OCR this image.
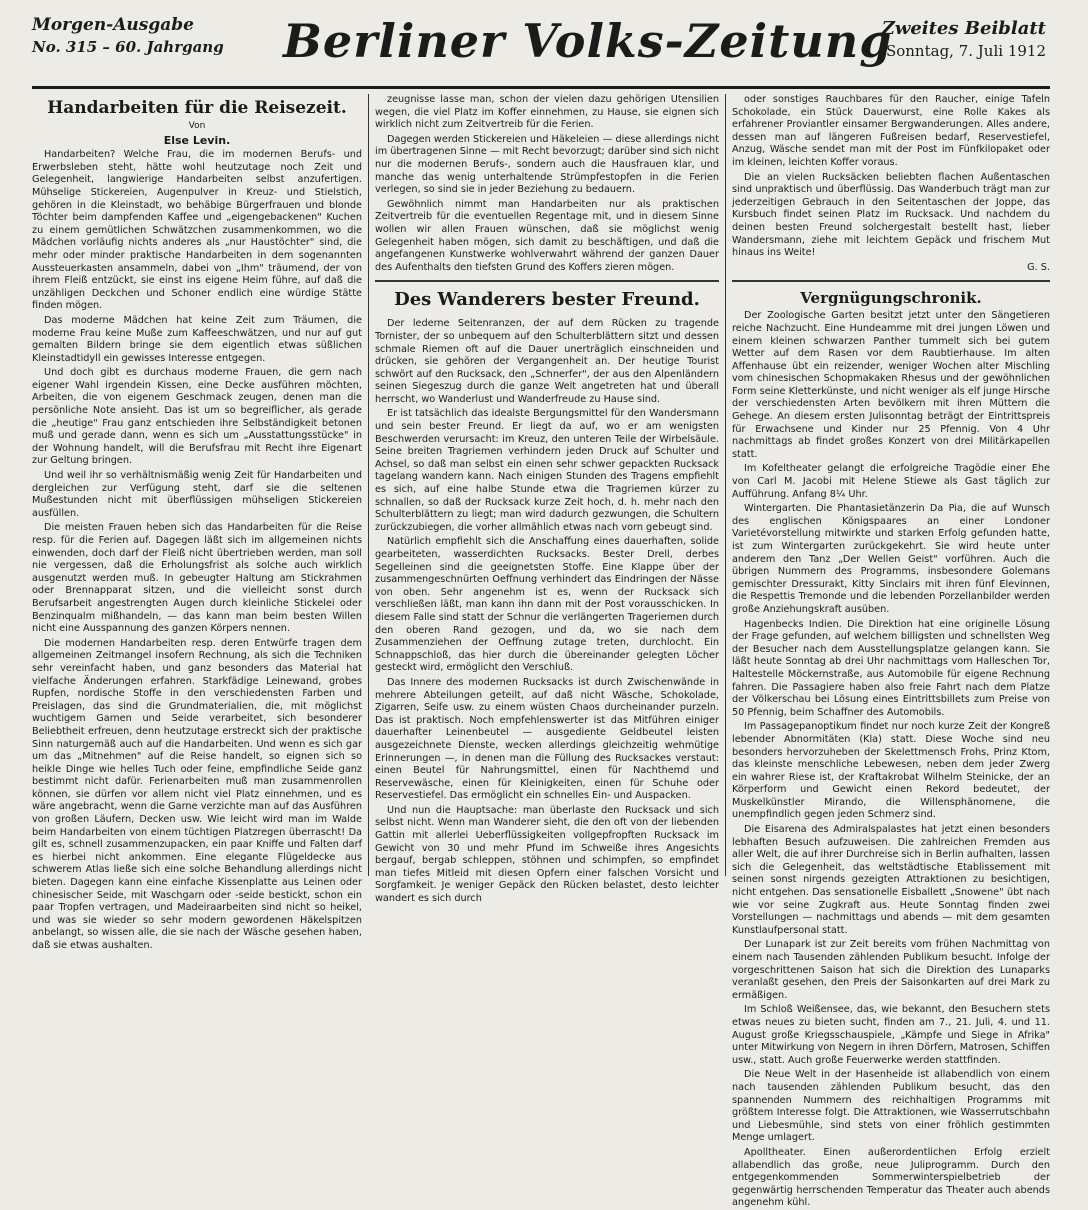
Morgen-Ausgabe
No. 315 – 60. Jahrgang Berliner Volks-Zeitung
Zweites Beiblatt
Sonntag, 7. Juli 1912
Handarbeiten für die Reisezeit.

Von

Else Levin.

Handarbeiten? Welche Frau, die im modernen Berufs- und Erwerbsleben steht, hätte wohl heutzutage noch Zeit und Gelegenheit, langwierige Handarbeiten selbst anzufertigen. Mühselige Stickereien, Augenpulver in Kreuz- und Stielstich, gehören in die Kleinstadt, wo behäbige Bürgerfrauen und blonde Töchter beim dampfenden Kaffee und „eigengebackenen" Kuchen zu einem gemütlichen Schwätzchen zusammenkommen, wo die Mädchen vorläufig nichts anderes als „nur Haustöchter" sind, die mehr oder minder praktische Handarbeiten in dem sogenannten Aussteuerkasten ansammeln, dabei von „Ihm" träumend, der von ihrem Fleiß entzückt, sie einst ins eigene Heim führe, auf daß die unzähligen Deckchen und Schoner endlich eine würdige Stätte finden mögen.

Das moderne Mädchen hat keine Zeit zum Träumen, die moderne Frau keine Muße zum Kaffeeschwätzen, und nur auf gut gemalten Bildern bringe sie dem eigentlich etwas süßlichen Kleinstadtidyll ein gewisses Interesse entgegen.

Und doch gibt es durchaus moderne Frauen, die gern nach eigener Wahl irgendein Kissen, eine Decke ausführen möchten, Arbeiten, die von eigenem Geschmack zeugen, denen man die persönliche Note ansieht. Das ist um so begreiflicher, als gerade die „heutige" Frau ganz entschieden ihre Selbständigkeit betonen muß und gerade dann, wenn es sich um „Ausstattungsstücke" in der Wohnung handelt, will die Berufsfrau mit Recht ihre Eigenart zur Geltung bringen.

Und weil ihr so verhältnismäßig wenig Zeit für Handarbeiten und dergleichen zur Verfügung steht, darf sie die seltenen Mußestunden nicht mit überflüssigen mühseligen Stickereien ausfüllen.

Die meisten Frauen heben sich das Handarbeiten für die Reise resp. für die Ferien auf. Dagegen läßt sich im allgemeinen nichts einwenden, doch darf der Fleiß nicht übertrieben werden, man soll nie vergessen, daß die Erholungsfrist als solche auch wirklich ausgenutzt werden muß. In gebeugter Haltung am Stickrahmen oder Brennapparat sitzen, und die vielleicht sonst durch Berufsarbeit angestrengten Augen durch kleinliche Stickelei oder Benzinqualm mißhandeln, — das kann man beim besten Willen nicht eine Ausspannung des ganzen Körpers nennen.

Die modernen Handarbeiten resp. deren Entwürfe tragen dem allgemeinen Zeitmangel insofern Rechnung, als sich die Techniken sehr vereinfacht haben, und ganz besonders das Material hat vielfache Änderungen erfahren. Starkfädige Leinewand, grobes Rupfen, nordische Stoffe in den verschiedensten Farben und Preislagen, das sind die Grundmaterialien, die, mit möglichst wuchtigem Garnen und Seide verarbeitet, sich besonderer Beliebtheit erfreuen, denn heutzutage erstreckt sich der praktische Sinn naturgemäß auch auf die Handarbeiten. Und wenn es sich gar um das „Mitnehmen" auf die Reise handelt, so eignen sich so heikle Dinge wie helles Tuch oder feine, empfindliche Seide ganz bestimmt nicht dafür. Ferienarbeiten muß man zusammenrollen können, sie dürfen vor allem nicht viel Platz einnehmen, und es wäre angebracht, wenn die Garne verzichte man auf das Ausführen von großen Läufern, Decken usw. Wie leicht wird man im Walde beim Handarbeiten von einem tüchtigen Platzregen überrascht! Da gilt es, schnell zusammenzupacken, ein paar Kniffe und Falten darf es hierbei nicht ankommen. Eine elegante Flügeldecke aus schwerem Atlas ließe sich eine solche Behandlung allerdings nicht bieten. Dagegen kann eine einfache Kissenplatte aus Leinen oder chinesischer Seide, mit Waschgarn oder -seide bestickt, schon ein paar Tropfen vertragen, und Madeiraarbeiten sind nicht so heikel, und was sie wieder so sehr modern gewordenen Häkelspitzen anbelangt, so wissen alle, die sie nach der Wäsche gesehen haben, daß sie etwas aushalten.

zeugnisse lasse man, schon der vielen dazu gehörigen Utensilien wegen, die viel Platz im Koffer einnehmen, zu Hause, sie eignen sich wirklich nicht zum Zeitvertreib für die Ferien.

Dagegen werden Stickereien und Häkeleien — diese allerdings nicht im übertragenen Sinne — mit Recht bevorzugt; darüber sind sich nicht nur die modernen Berufs-, sondern auch die Hausfrauen klar, und manche das wenig unterhaltende Strümpfestopfen in die Ferien verlegen, so sind sie in jeder Beziehung zu bedauern.

Gewöhnlich nimmt man Handarbeiten nur als praktischen Zeitvertreib für die eventuellen Regentage mit, und in diesem Sinne wollen wir allen Frauen wünschen, daß sie möglichst wenig Gelegenheit haben mögen, sich damit zu beschäftigen, und daß die angefangenen Kunstwerke wohlverwahrt während der ganzen Dauer des Aufenthalts den tiefsten Grund des Koffers zieren mögen.

Des Wanderers bester Freund.

Der lederne Seitenranzen, der auf dem Rücken zu tragende Tornister, der so unbequem auf den Schulterblättern sitzt und dessen schmale Riemen oft auf die Dauer unerträglich einschneiden und drücken, sie gehören der Vergangenheit an. Der heutige Tourist schwört auf den Rucksack, den „Schnerfer", der aus den Alpenländern seinen Siegeszug durch die ganze Welt angetreten hat und überall herrscht, wo Wanderlust und Wanderfreude zu Hause sind.

Er ist tatsächlich das idealste Bergungsmittel für den Wandersmann und sein bester Freund. Er liegt da auf, wo er am wenigsten Beschwerden verursacht: im Kreuz, den unteren Teile der Wirbelsäule. Seine breiten Tragriemen verhindern jeden Druck auf Schulter und Achsel, so daß man selbst ein einen sehr schwer gepackten Rucksack tagelang wandern kann. Nach einigen Stunden des Tragens empfiehlt es sich, auf eine halbe Stunde etwa die Tragriemen kürzer zu schnallen, so daß der Rucksack kurze Zeit hoch, d. h. mehr nach den Schulterblättern zu liegt; man wird dadurch gezwungen, die Schultern zurückzubiegen, die vorher allmählich etwas nach vorn gebeugt sind.

Natürlich empfiehlt sich die Anschaffung eines dauerhaften, solide gearbeiteten, wasserdichten Rucksacks. Bester Drell, derbes Segelleinen sind die geeignetsten Stoffe. Eine Klappe über der zusammengeschnürten Oeffnung verhindert das Eindringen der Nässe von oben. Sehr angenehm ist es, wenn der Rucksack sich verschließen läßt, man kann ihn dann mit der Post vorausschicken. In diesem Falle sind statt der Schnur die verlängerten Trageriemen durch den oberen Rand gezogen, und da, wo sie nach dem Zusammenziehen der Oeffnung zutage treten, durchlocht. Ein Schnappschloß, das hier durch die übereinander gelegten Löcher gesteckt wird, ermöglicht den Verschluß.

Das Innere des modernen Rucksacks ist durch Zwischenwände in mehrere Abteilungen geteilt, auf daß nicht Wäsche, Schokolade, Zigarren, Seife usw. zu einem wüsten Chaos durcheinander purzeln. Das ist praktisch. Noch empfehlenswerter ist das Mitführen einiger dauerhafter Leinenbeutel — ausgediente Geldbeutel leisten ausgezeichnete Dienste, wecken allerdings gleichzeitig wehmütige Erinnerungen —, in denen man die Füllung des Rucksackes verstaut: einen Beutel für Nahrungsmittel, einen für Nachthemd und Reservewäsche, einen für Kleinigkeiten, einen für Schuhe oder Reservestiefel. Das ermöglicht ein schnelles Ein- und Auspacken.

Und nun die Hauptsache: man überlaste den Rucksack und sich selbst nicht. Wenn man Wanderer sieht, die den oft von der liebenden Gattin mit allerlei Ueberflüssigkeiten vollgepfropften Rucksack im Gewicht von 30 und mehr Pfund im Schweiße ihres Angesichts bergauf, bergab schleppen, stöhnen und schimpfen, so empfindet man tiefes Mitleid mit diesen Opfern einer falschen Vorsicht und Sorgfamkeit. Je weniger Gepäck den Rücken belastet, desto leichter wandert es sich durch

oder sonstiges Rauchbares für den Raucher, einige Tafeln Schokolade, ein Stück Dauerwurst, eine Rolle Kakes als erfahrener Proviantler einsamer Bergwanderungen. Alles andere, dessen man auf längeren Fußreisen bedarf, Reservestiefel, Anzug, Wäsche sendet man mit der Post im Fünfkilopaket oder im kleinen, leichten Koffer voraus.

Die an vielen Rucksäcken beliebten flachen Außentaschen sind unpraktisch und überflüssig. Das Wanderbuch trägt man zur jederzeitigen Gebrauch in den Seitentaschen der Joppe, das Kursbuch findet seinen Platz im Rucksack. Und nachdem du deinen besten Freund solchergestalt bestellt hast, lieber Wandersmann, ziehe mit leichtem Gepäck und frischem Mut hinaus ins Weite!

G. S.

Vergnügungschronik.

Der Zoologische Garten besitzt jetzt unter den Sängetieren reiche Nachzucht. Eine Hundeamme mit drei jungen Löwen und einem kleinen schwarzen Panther tummelt sich bei gutem Wetter auf dem Rasen vor dem Raubtierhause. Im alten Affenhause übt ein reizender, weniger Wochen alter Mischling vom chinesischen Schopmakaken Rhesus und der gewöhnlichen Form seine Kletterkünste, und nicht weniger als elf junge Hirsche der verschiedensten Arten bevölkern mit ihren Müttern die Gehege. An diesem ersten Julisonntag beträgt der Eintrittspreis für Erwachsene und Kinder nur 25 Pfennig. Von 4 Uhr nachmittags ab findet großes Konzert von drei Militärkapellen statt.

Im Kofeltheater gelangt die erfolgreiche Tragödie einer Ehe von Carl M. Jacobi mit Helene Stiewe als Gast täglich zur Aufführung. Anfang 8¼ Uhr.

Wintergarten. Die Phantasietänzerin Da Pia, die auf Wunsch des englischen Königspaares an einer Londoner Varietévorstellung mitwirkte und starken Erfolg gefunden hatte, ist zum Wintergarten zurückgekehrt. Sie wird heute unter anderem den Tanz „Der Wellen Geist" vorführen. Auch die übrigen Nummern des Programms, insbesondere Golemans gemischter Dressurakt, Kitty Sinclairs mit ihren fünf Elevinnen, die Respettis Tremonde und die lebenden Porzellanbilder werden große Anziehungskraft ausüben.

Hagenbecks Indien. Die Direktion hat eine originelle Lösung der Frage gefunden, auf welchem billigsten und schnellsten Weg der Besucher nach dem Ausstellungsplatze gelangen kann. Sie läßt heute Sonntag ab drei Uhr nachmittags vom Halleschen Tor, Haltestelle Möckernstraße, aus Automobile für eigene Rechnung fahren. Die Passagiere haben also freie Fahrt nach dem Platze der Völkerschau bei Lösung eines Eintrittsbillets zum Preise von 50 Pfennig, beim Schaffner des Automobils.

Im Passagepanoptikum findet nur noch kurze Zeit der Kongreß lebender Abnormitäten (Kla) statt. Diese Woche sind neu besonders hervorzuheben der Skelettmensch Frohs, Prinz Ktom, das kleinste menschliche Lebewesen, neben dem jeder Zwerg ein wahrer Riese ist, der Kraftakrobat Wilhelm Steinicke, der an Körperform und Gewicht einen Rekord bedeutet, der Muskelkünstler Mirando, die Willensphänomene, die unempfindlich gegen jeden Schmerz sind.

Die Eisarena des Admiralspalastes hat jetzt einen besonders lebhaften Besuch aufzuweisen. Die zahlreichen Fremden aus aller Welt, die auf ihrer Durchreise sich in Berlin aufhalten, lassen sich die Gelegenheit, das weltstädtische Etablissement mit seinen sonst nirgends gezeigten Attraktionen zu besichtigen, nicht entgehen. Das sensationelle Eisballett „Snowene" übt nach wie vor seine Zugkraft aus. Heute Sonntag finden zwei Vorstellungen — nachmittags und abends — mit dem gesamten Kunstlaufpersonal statt.

Der Lunapark ist zur Zeit bereits vom frühen Nachmittag von einem nach Tausenden zählenden Publikum besucht. Infolge der vorgeschrittenen Saison hat sich die Direktion des Lunaparks veranlaßt gesehen, den Preis der Saisonkarten auf drei Mark zu ermäßigen.

Im Schloß Weißensee, das, wie bekannt, den Besuchern stets etwas neues zu bieten sucht, finden am 7., 21. Juli, 4. und 11. August große Kriegsschauspiele, „Kämpfe und Siege in Afrika" unter Mitwirkung von Negern in ihren Dörfern, Matrosen, Schiffen usw., statt. Auch große Feuerwerke werden stattfinden.

Die Neue Welt in der Hasenheide ist allabendlich von einem nach tausenden zählenden Publikum besucht, das den spannenden Nummern des reichhaltigen Programms mit größtem Interesse folgt. Die Attraktionen, wie Wasserrutschbahn und Liebesmühle, sind stets von einer fröhlich gestimmten Menge umlagert.

Apolltheater. Einen außerordentlichen Erfolg erzielt allabendlich das große, neue Juliprogramm. Durch den entgegenkommenden Sommerwinterspielbetrieb der gegenwärtig herrschenden Temperatur das Theater auch abends angenehm kühl.
